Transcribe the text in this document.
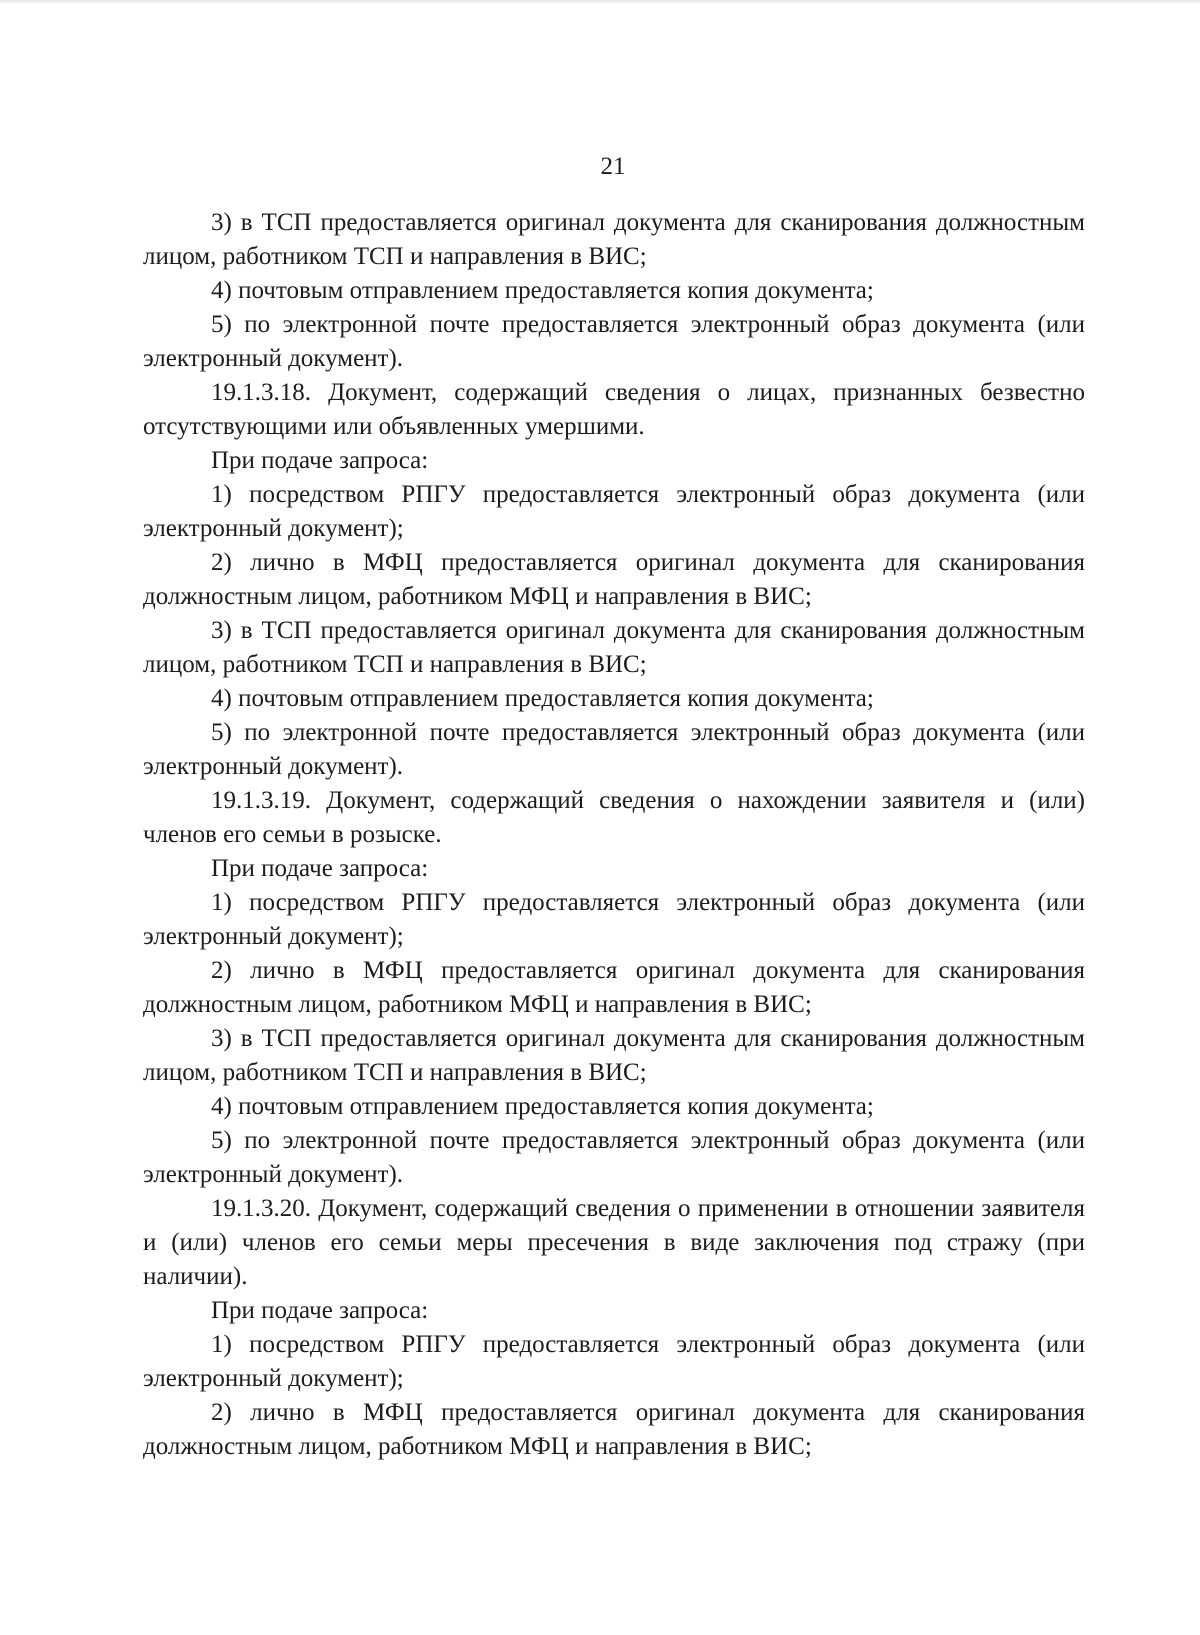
21

3) в ТСП предоставляется оригинал документа для сканирования должностным лицом, работником ТСП и направления в ВИС;

4) почтовым отправлением предоставляется копия документа;

5) по электронной почте предоставляется электронный образ документа (или электронный документ).

19.1.3.18. Документ, содержащий сведения о лицах, признанных безвестно отсутствующими или объявленных умершими.

При подаче запроса:

1) посредством РПГУ предоставляется электронный образ документа (или электронный документ);

2) лично в МФЦ предоставляется оригинал документа для сканирования должностным лицом, работником МФЦ и направления в ВИС;

3) в ТСП предоставляется оригинал документа для сканирования должностным лицом, работником ТСП и направления в ВИС;

4) почтовым отправлением предоставляется копия документа;

5) по электронной почте предоставляется электронный образ документа (или электронный документ).

19.1.3.19. Документ, содержащий сведения о нахождении заявителя и (или) членов его семьи в розыске.

При подаче запроса:

1) посредством РПГУ предоставляется электронный образ документа (или электронный документ);

2) лично в МФЦ предоставляется оригинал документа для сканирования должностным лицом, работником МФЦ и направления в ВИС;

3) в ТСП предоставляется оригинал документа для сканирования должностным лицом, работником ТСП и направления в ВИС;

4) почтовым отправлением предоставляется копия документа;

5) по электронной почте предоставляется электронный образ документа (или электронный документ).

19.1.3.20. Документ, содержащий сведения о применении в отношении заявителя и (или) членов его семьи меры пресечения в виде заключения под стражу (при наличии).

При подаче запроса:

1) посредством РПГУ предоставляется электронный образ документа (или электронный документ);

2) лично в МФЦ предоставляется оригинал документа для сканирования должностным лицом, работником МФЦ и направления в ВИС;
